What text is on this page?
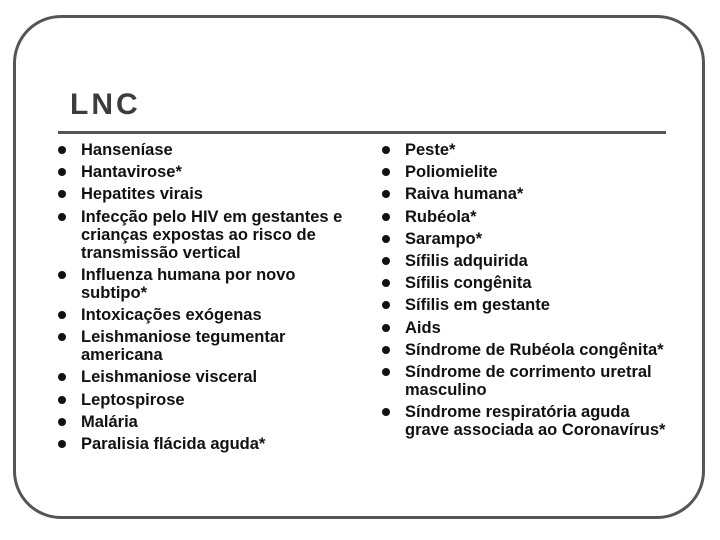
LNC
Hanseníase
Hantavirose*
Hepatites virais
Infecção pelo HIV em gestantes e crianças expostas ao risco de transmissão vertical
Influenza humana por novo subtipo*
Intoxicações exógenas
Leishmaniose tegumentar americana
Leishmaniose visceral
Leptospirose
Malária
Paralisia flácida aguda*
Peste*
Poliomielite
Raiva humana*
Rubéola*
Sarampo*
Sífilis adquirida
Sífilis congênita
Sífilis em gestante
Aids
Síndrome de Rubéola congênita*
Síndrome de corrimento uretral masculino
Síndrome respiratória aguda grave associada ao Coronavírus*
